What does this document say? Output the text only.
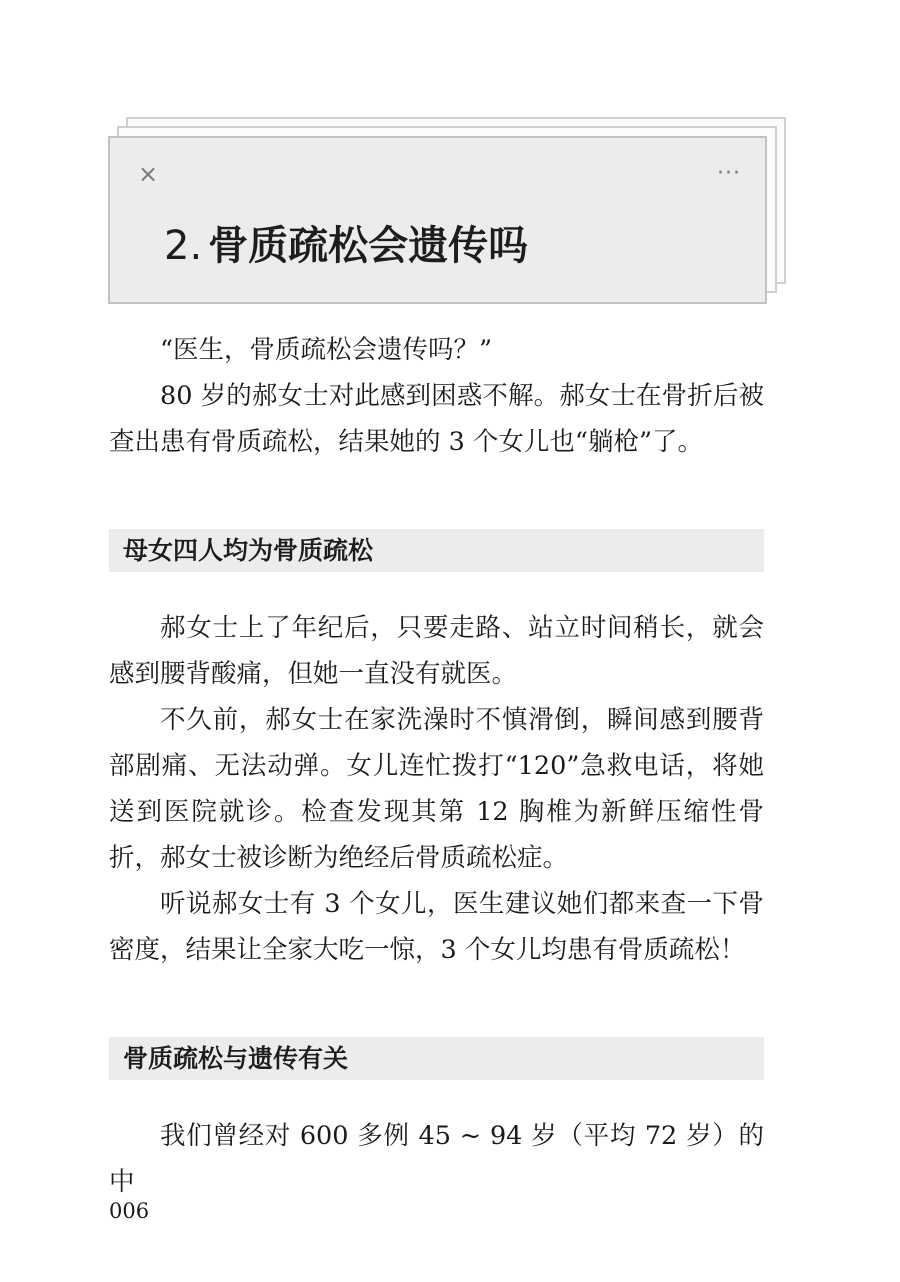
×	···
2. 骨质疏松会遗传吗

“医生，骨质疏松会遗传吗？”

80 岁的郝女士对此感到困惑不解。郝女士在骨折后被查出患有骨质疏松，结果她的 3 个女儿也“躺枪”了。

母女四人均为骨质疏松

郝女士上了年纪后，只要走路、站立时间稍长，就会感到腰背酸痛，但她一直没有就医。

不久前，郝女士在家洗澡时不慎滑倒，瞬间感到腰背部剧痛、无法动弹。女儿连忙拨打“120”急救电话，将她送到医院就诊。检查发现其第 12 胸椎为新鲜压缩性骨折，郝女士被诊断为绝经后骨质疏松症。

听说郝女士有 3 个女儿，医生建议她们都来查一下骨密度，结果让全家大吃一惊，3 个女儿均患有骨质疏松！

骨质疏松与遗传有关

我们曾经对 600 多例 45 ~ 94 岁（平均 72 岁）的中

006
